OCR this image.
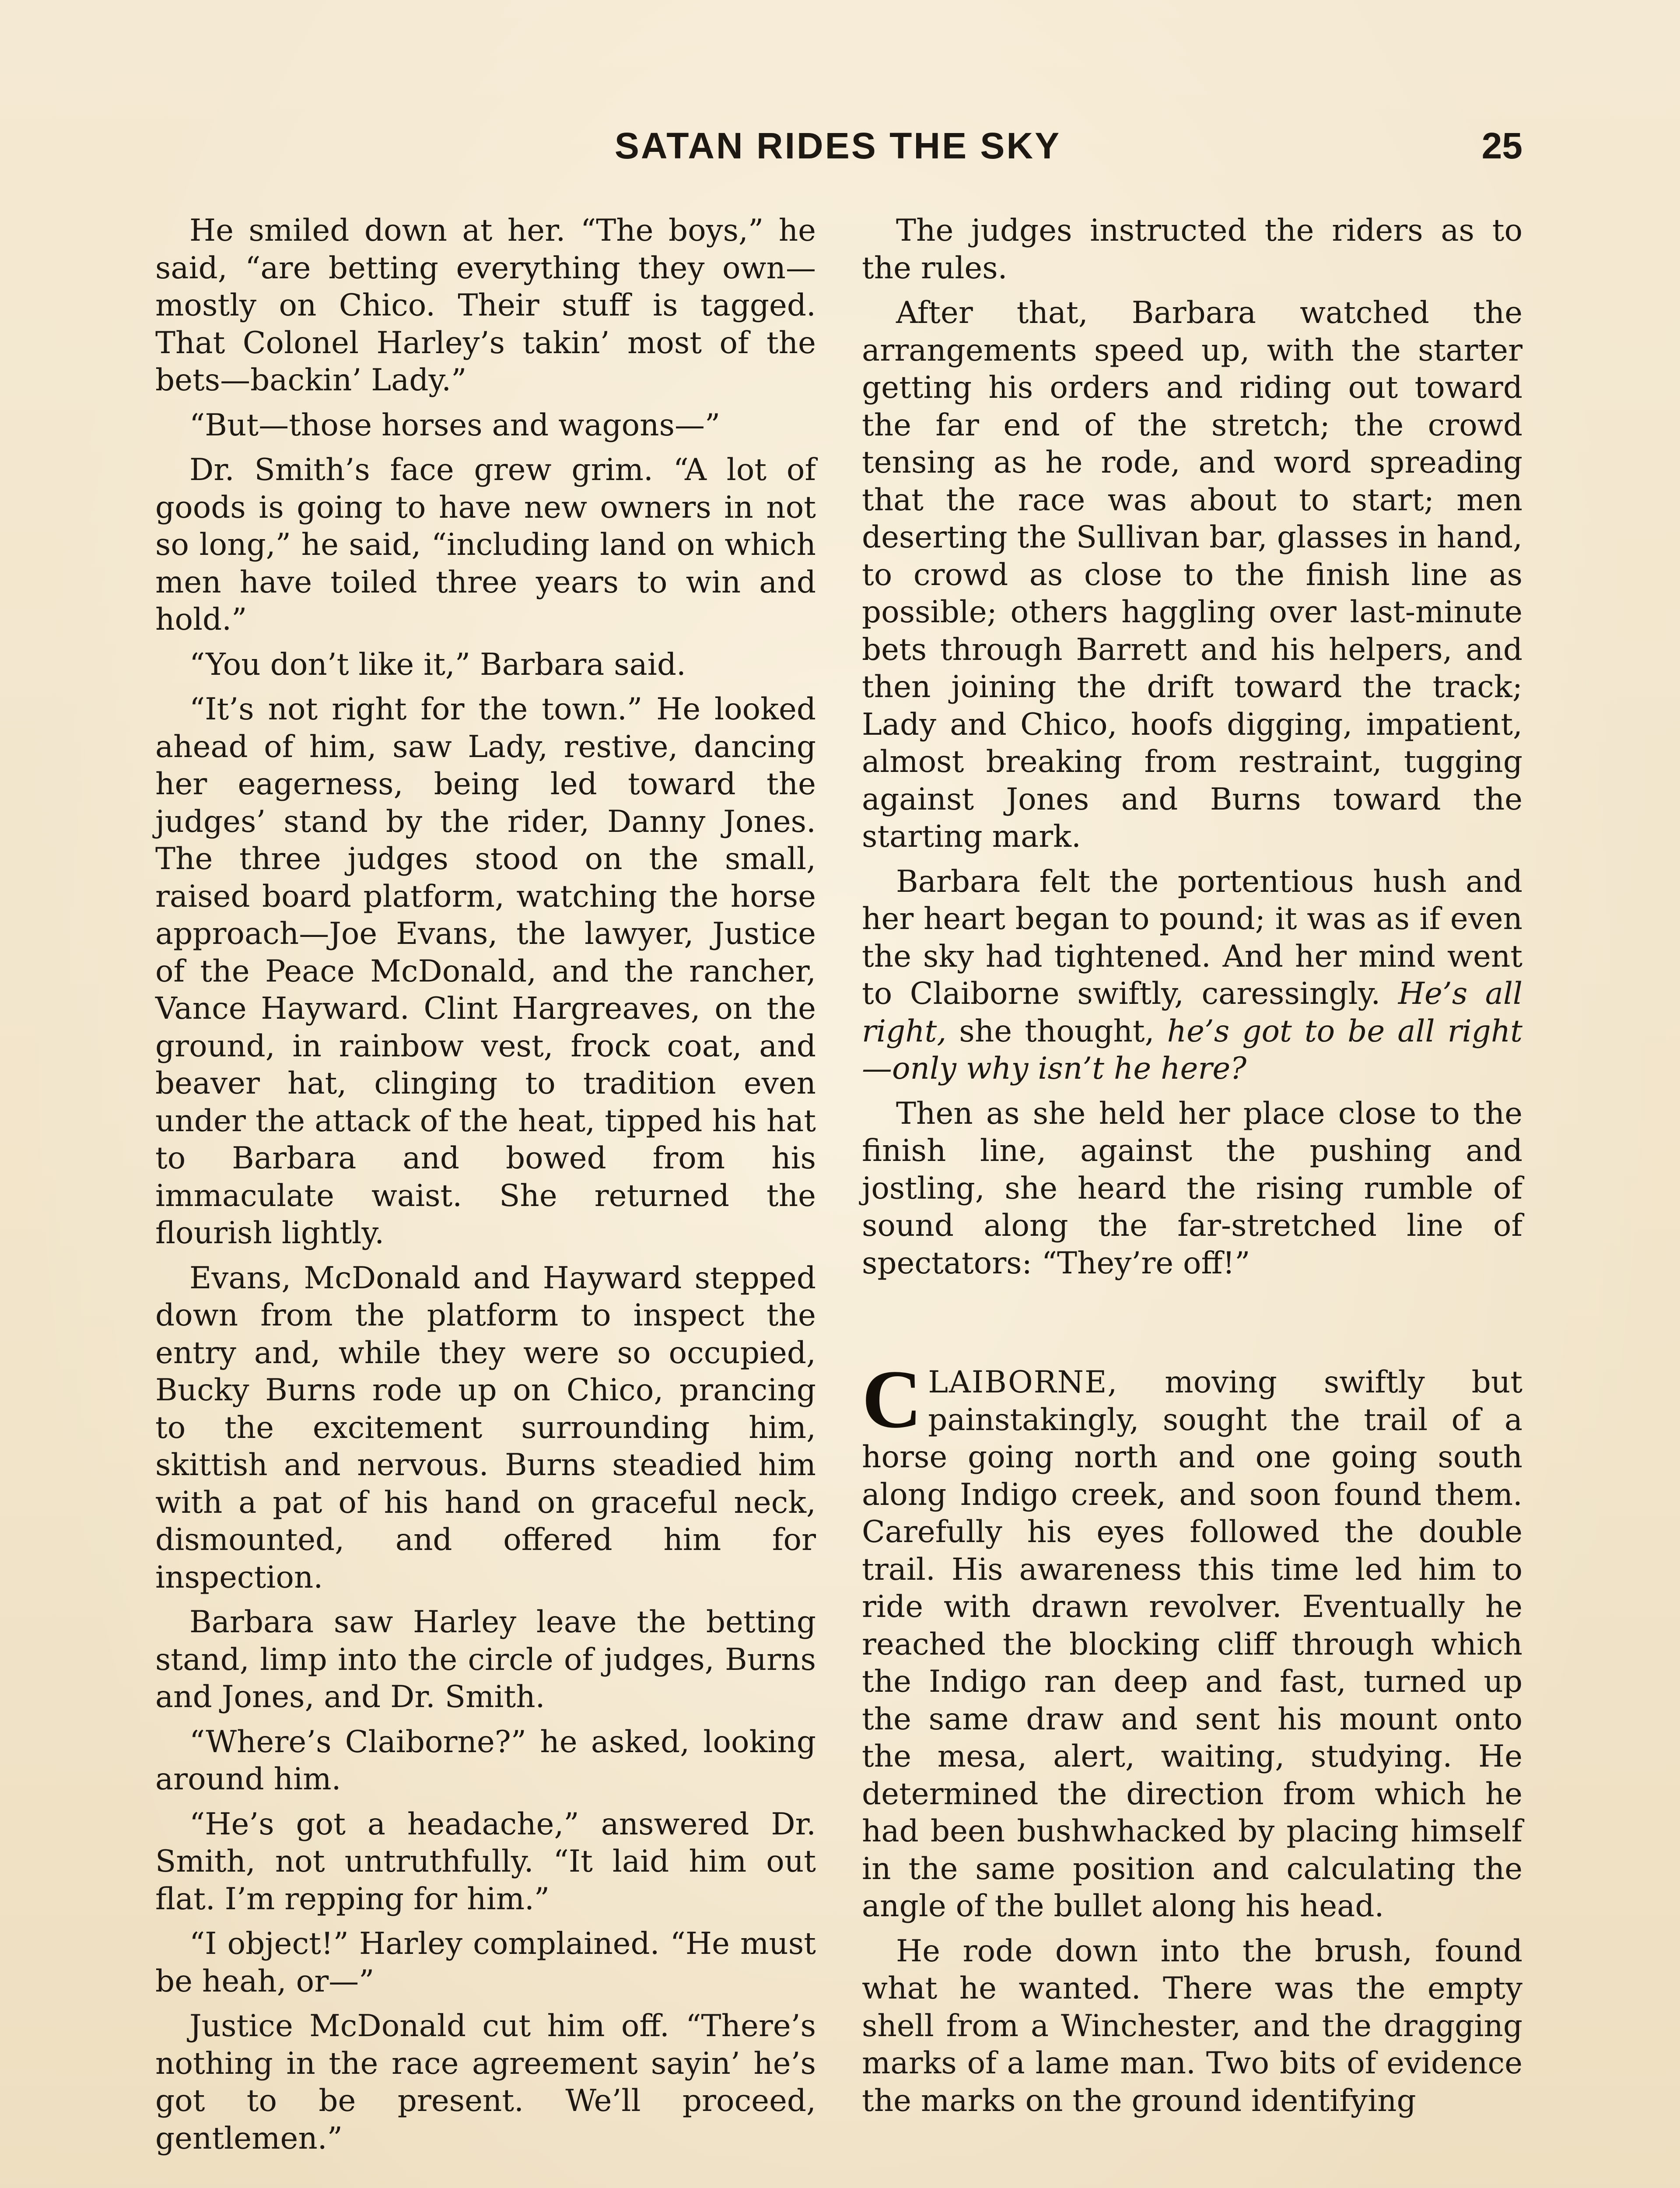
SATAN RIDES THE SKY	25

He smiled down at her. “The boys,” he said, “are betting everything they own—mostly on Chico. Their stuff is tagged. That Colonel Harley’s takin’ most of the bets—backin’ Lady.”

“But—those horses and wagons—”

Dr. Smith’s face grew grim. “A lot of goods is going to have new owners in not so long,” he said, “including land on which men have toiled three years to win and hold.”

“You don’t like it,” Barbara said.

“It’s not right for the town.” He looked ahead of him, saw Lady, restive, dancing her eagerness, being led toward the judges’ stand by the rider, Danny Jones. The three judges stood on the small, raised board platform, watching the horse approach—Joe Evans, the lawyer, Justice of the Peace McDonald, and the rancher, Vance Hayward. Clint Hargreaves, on the ground, in rainbow vest, frock coat, and beaver hat, clinging to tradition even under the attack of the heat, tipped his hat to Barbara and bowed from his immaculate waist. She returned the flourish lightly.

Evans, McDonald and Hayward stepped down from the platform to inspect the entry and, while they were so occupied, Bucky Burns rode up on Chico, prancing to the excitement surrounding him, skittish and nervous. Burns steadied him with a pat of his hand on graceful neck, dismounted, and offered him for inspection.

Barbara saw Harley leave the betting stand, limp into the circle of judges, Burns and Jones, and Dr. Smith.

“Where’s Claiborne?” he asked, looking around him.

“He’s got a headache,” answered Dr. Smith, not untruthfully. “It laid him out flat. I’m repping for him.”

“I object!” Harley complained. “He must be heah, or—”

Justice McDonald cut him off. “There’s nothing in the race agreement sayin’ he’s got to be present. We’ll proceed, gentlemen.”

The judges instructed the riders as to the rules.

After that, Barbara watched the arrangements speed up, with the starter getting his orders and riding out toward the far end of the stretch; the crowd tensing as he rode, and word spreading that the race was about to start; men deserting the Sullivan bar, glasses in hand, to crowd as close to the finish line as possible; others haggling over last-minute bets through Barrett and his helpers, and then joining the drift toward the track; Lady and Chico, hoofs digging, impatient, almost breaking from restraint, tugging against Jones and Burns toward the starting mark.

Barbara felt the portentious hush and her heart began to pound; it was as if even the sky had tightened. And her mind went to Claiborne swiftly, caressingly. He’s all right, she thought, he’s got to be all right—only why isn’t he here?

Then as she held her place close to the finish line, against the pushing and jostling, she heard the rising rumble of sound along the far-stretched line of spectators: “They’re off!”

CLAIBORNE, moving swiftly but painstakingly, sought the trail of a horse going north and one going south along Indigo creek, and soon found them. Carefully his eyes followed the double trail. His awareness this time led him to ride with drawn revolver. Eventually he reached the blocking cliff through which the Indigo ran deep and fast, turned up the same draw and sent his mount onto the mesa, alert, waiting, studying. He determined the direction from which he had been bushwhacked by placing himself in the same position and calculating the angle of the bullet along his head.

He rode down into the brush, found what he wanted. There was the empty shell from a Winchester, and the dragging marks of a lame man. Two bits of evidence the marks on the ground identifying
